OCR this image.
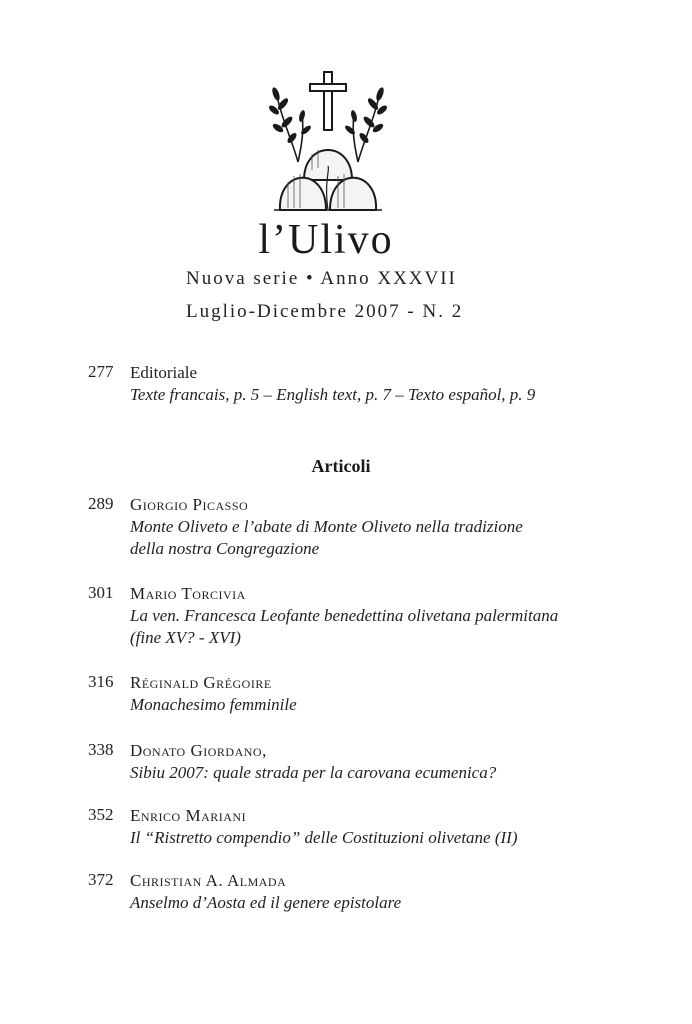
l’Ulivo
Nuova serie • Anno XXXVII
Luglio-Dicembre 2007 - N. 2
277 Editoriale
Texte francais, p. 5 – English text, p. 7 – Texto español, p. 9
Articoli
289 Giorgio Picasso
Monte Oliveto e l’abate di Monte Oliveto nella tradizione
della nostra Congregazione
301 Mario Torcivia
La ven. Francesca Leofante benedettina olivetana palermitana
(fine XV? - XVI)
316 Réginald Grégoire
Monachesimo femminile
338 Donato Giordano,
Sibiu 2007: quale strada per la carovana ecumenica?
352 Enrico Mariani
Il “Ristretto compendio” delle Costituzioni olivetane (II)
372 Christian A. Almada
Anselmo d’Aosta ed il genere epistolare
